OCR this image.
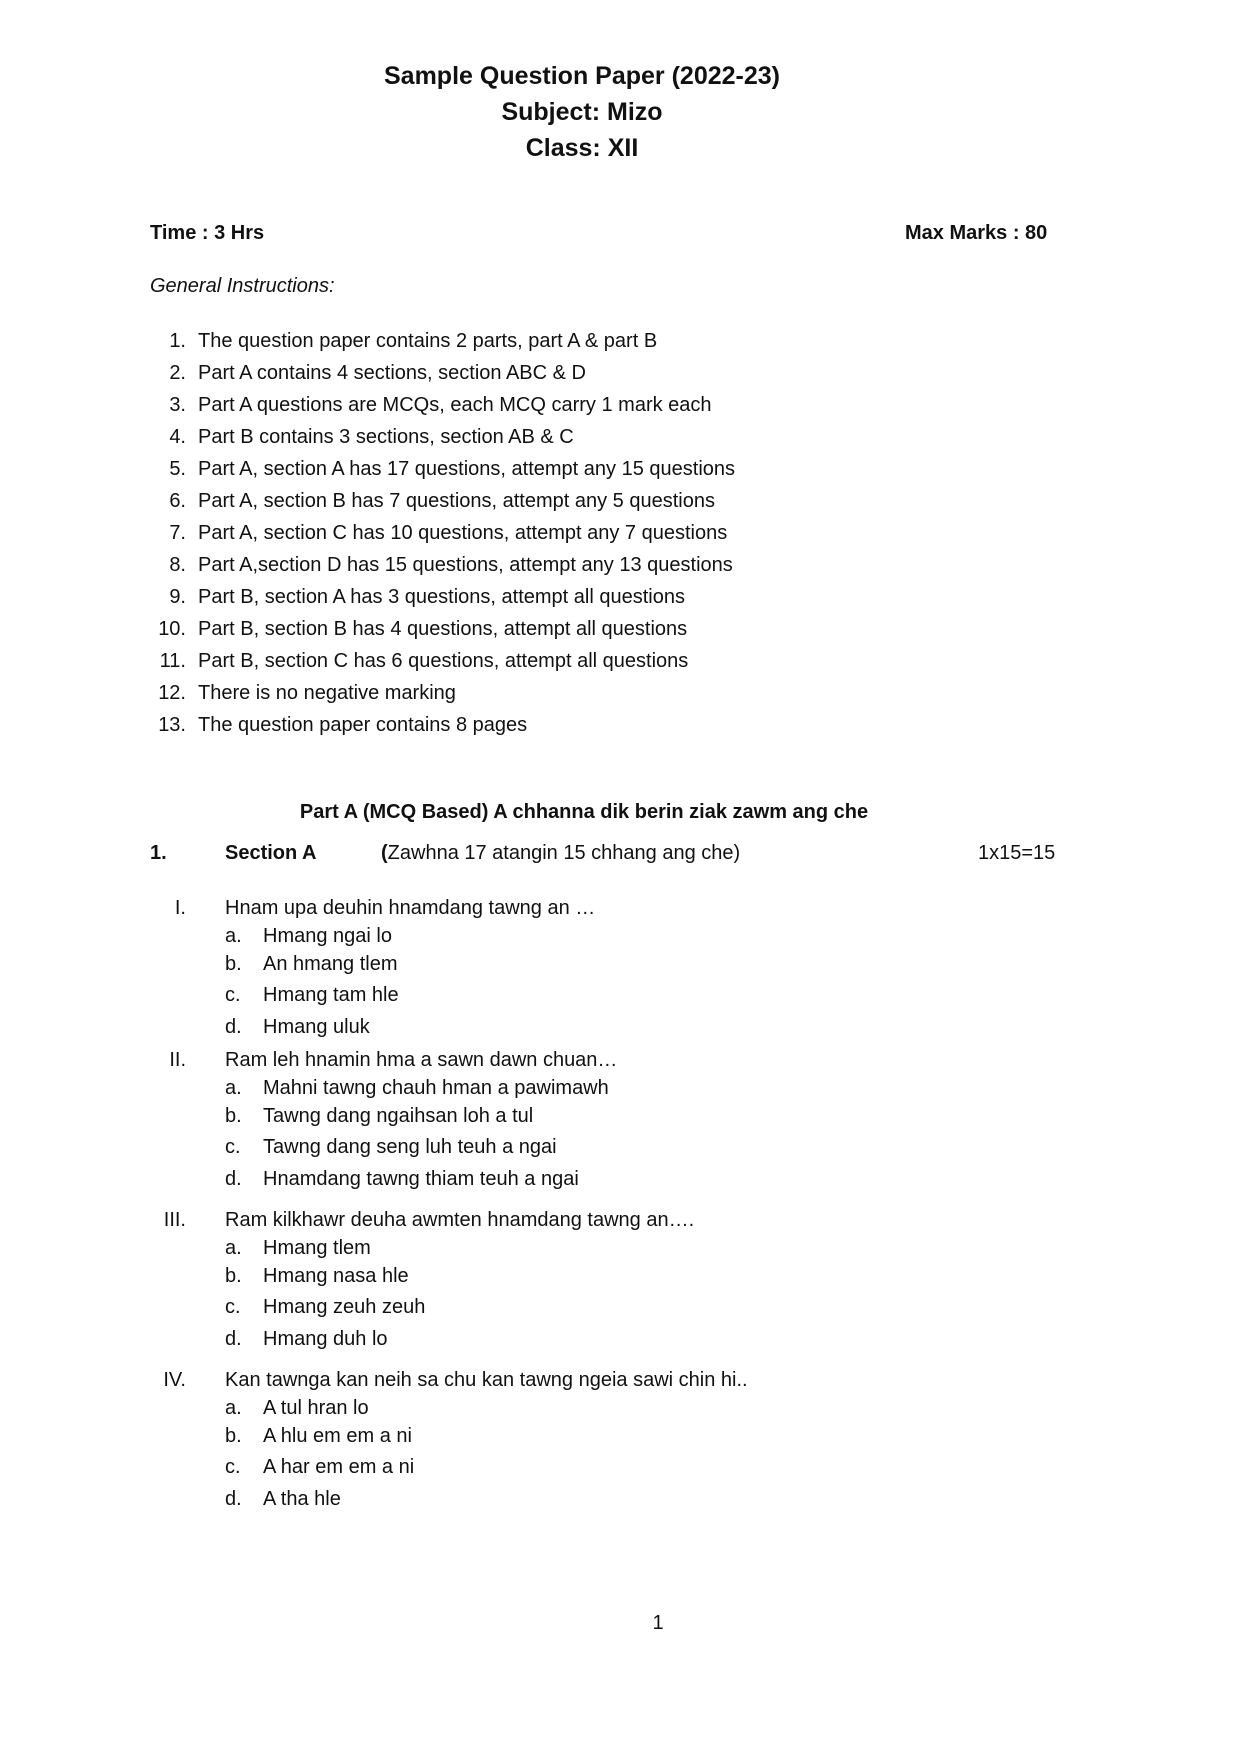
Sample Question Paper (2022-23)
Subject: Mizo
Class: XII
Time : 3 Hrs	Max Marks : 80
General Instructions:
1. The question paper contains 2 parts, part A & part B
2. Part A contains 4 sections, section ABC & D
3. Part A questions are MCQs, each MCQ carry 1 mark each
4. Part B contains 3 sections, section AB & C
5. Part A, section A has 17 questions, attempt any 15 questions
6. Part A, section B has 7 questions, attempt any 5 questions
7. Part A, section C has 10 questions, attempt any 7 questions
8. Part A,section D has 15 questions, attempt any 13 questions
9. Part B, section A has 3 questions, attempt all questions
10. Part B, section B has 4 questions, attempt all questions
11. Part B, section C has 6 questions, attempt all questions
12. There is no negative marking
13. The question paper contains 8 pages
Part A (MCQ Based) A chhanna dik berin ziak zawm ang che
1.	Section A	(Zawhna 17 atangin 15 chhang ang che)	1x15=15
I. Hnam upa deuhin hnamdang tawng an …
a. Hmang ngai lo
b. An hmang tlem
c. Hmang tam hle
d. Hmang uluk
II. Ram leh hnamin hma a sawn dawn chuan…
a. Mahni tawng chauh hman a pawimawh
b. Tawng dang ngaihsan loh a tul
c. Tawng dang seng luh teuh a ngai
d. Hnamdang tawng thiam teuh a ngai
III. Ram kilkhawr deuha awmten hnamdang tawng an….
a. Hmang tlem
b. Hmang nasa hle
c. Hmang zeuh zeuh
d. Hmang duh lo
IV. Kan tawnga kan neih sa chu kan tawng ngeia sawi chin hi..
a. A tul hran lo
b. A hlu em em a ni
c. A har em em a ni
d. A tha hle
1
